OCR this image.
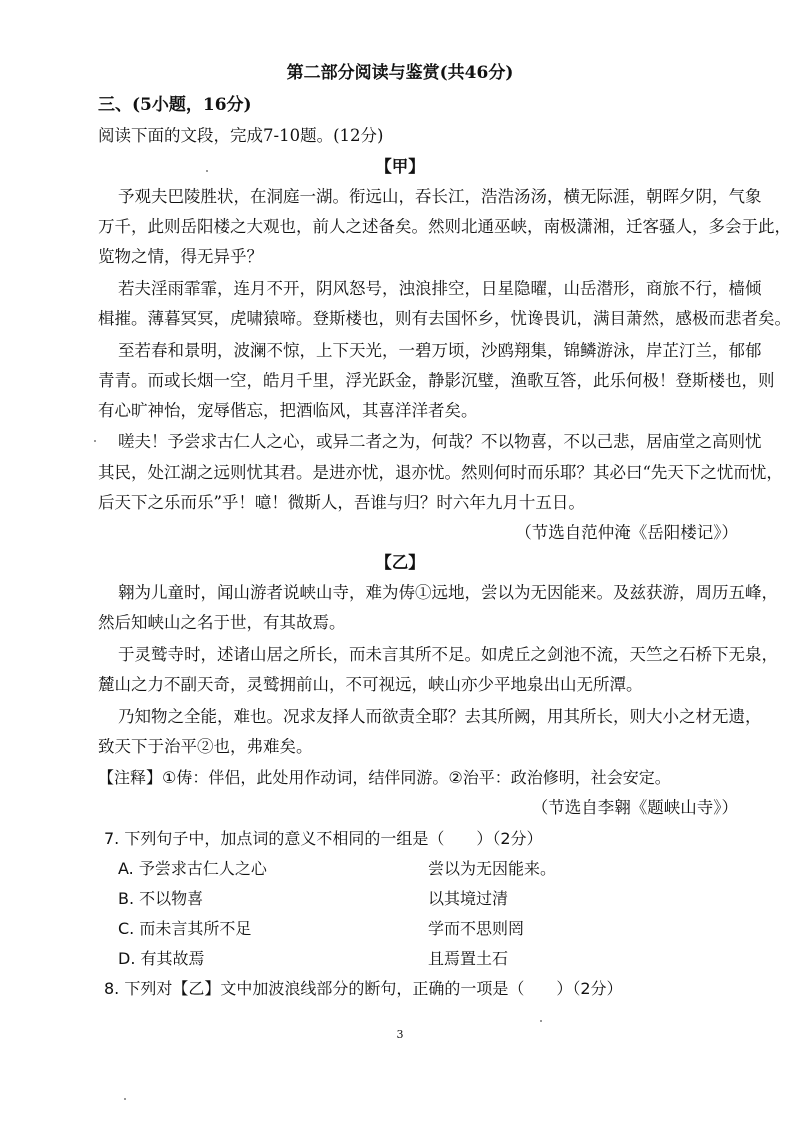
第二部分阅读与鉴赏(共46分)
三、(5小题，16分)
阅读下面的文段，完成7-10题。(12分)
【甲】
予观夫巴陵胜状，在洞庭一湖。衔远山，吞长江，浩浩汤汤，横无际涯，朝晖夕阴，气象
万千，此则岳阳楼之大观也，前人之述备矣。然则北通巫峡，南极潇湘，迁客骚人，多会于此，
览物之情，得无异乎？
若夫淫雨霏霏，连月不开，阴风怒号，浊浪排空，日星隐曜，山岳潜形，商旅不行，樯倾
楫摧。薄暮冥冥，虎啸猿啼。登斯楼也，则有去国怀乡，忧谗畏讥，满目萧然，感极而悲者矣。
至若春和景明，波澜不惊，上下天光，一碧万顷，沙鸥翔集，锦鳞游泳，岸芷汀兰，郁郁
青青。而或长烟一空，皓月千里，浮光跃金，静影沉璧，渔歌互答，此乐何极！登斯楼也，则
有心旷神怡，宠辱偕忘，把酒临风，其喜洋洋者矣。
嗟夫！予尝求古仁人之心，或异二者之为，何哉？不以物喜，不以己悲，居庙堂之高则忧
其民，处江湖之远则忧其君。是进亦忧，退亦忧。然则何时而乐耶？其必曰“先天下之忧而忧，
后天下之乐而乐”乎！噫！微斯人，吾谁与归？时六年九月十五日。
（节选自范仲淹《岳阳楼记》）
【乙】
翱为儿童时，闻山游者说峡山寺，难为俦①远地，尝以为无因能来。及兹获游，周历五峰，
然后知峡山之名于世，有其故焉。
于灵鹫寺时，述诸山居之所长，而未言其所不足。如虎丘之剑池不流，天竺之石桥下无泉，
麓山之力不副天奇，灵鹫拥前山，不可视远，峡山亦少平地泉出山无所潭。
乃知物之全能，难也。况求友择人而欲责全耶？去其所阙，用其所长，则大小之材无遗，
致天下于治平②也，弗难矣。
【注释】①俦：伴侣，此处用作动词，结伴同游。②治平：政治修明，社会安定。
（节选自李翱《题峡山寺》）
7. 下列句子中，加点词的意义不相同的一组是（　　）（2分）
A. 予尝求古仁人之心	尝以为无因能来。
B. 不以物喜	以其境过清
C. 而未言其所不足	学而不思则罔
D. 有其故焉	且焉置土石
8. 下列对【乙】文中加波浪线部分的断句，正确的一项是（　　）（2分）
3
